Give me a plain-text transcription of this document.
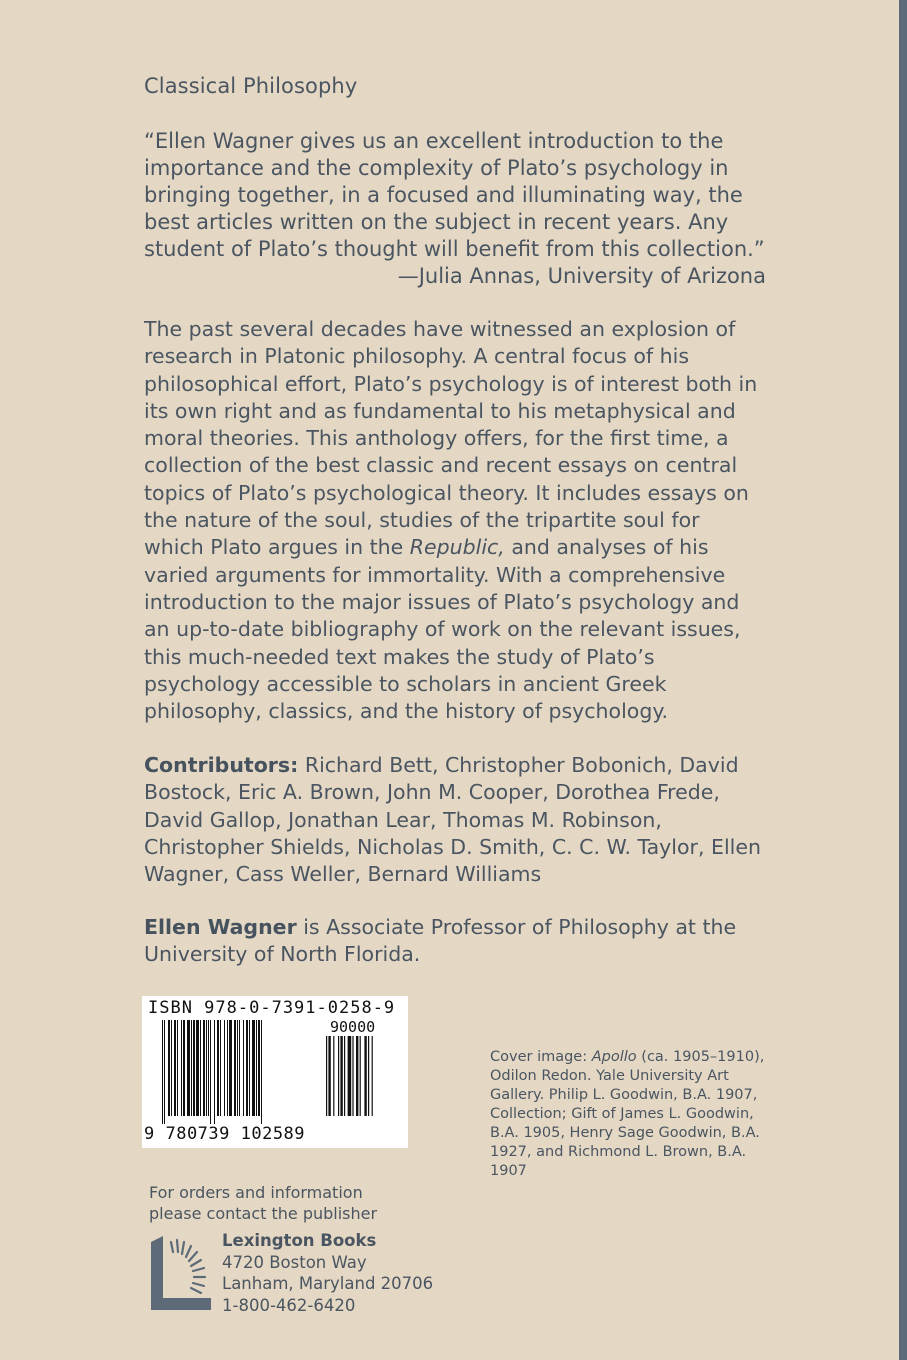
Classical Philosophy

“Ellen Wagner gives us an excellent introduction to the importance and the complexity of Plato’s psychology in bringing together, in a focused and illuminating way, the best articles written on the subject in recent years. Any student of Plato’s thought will benefit from this collection.”

—Julia Annas, University of Arizona

The past several decades have witnessed an explosion of research in Platonic philosophy. A central focus of his philosophical effort, Plato’s psychology is of interest both in its own right and as fundamental to his metaphysical and moral theories. This anthology offers, for the first time, a collection of the best classic and recent essays on central topics of Plato’s psychological theory. It includes essays on the nature of the soul, studies of the tripartite soul for which Plato argues in the Republic, and analyses of his varied arguments for immortality. With a comprehensive introduction to the major issues of Plato’s psychology and an up-to-date bibliography of work on the relevant issues, this much-needed text makes the study of Plato’s psychology accessible to scholars in ancient Greek philosophy, classics, and the history of psychology.
Contributors: Richard Bett, Christopher Bobonich, David Bostock, Eric A. Brown, John M. Cooper, Dorothea Frede, David Gallop, Jonathan Lear, Thomas M. Robinson, Christopher Shields, Nicholas D. Smith, C. C. W. Taylor, Ellen Wagner, Cass Weller, Bernard Williams
Ellen Wagner is Associate Professor of Philosophy at the University of North Florida.
ISBN 978-0-7391-0258-9
90000
9 780739 102589
Cover image: Apollo (ca. 1905–1910), Odilon Redon. Yale University Art Gallery. Philip L. Goodwin, B.A. 1907, Collection; Gift of James L. Goodwin, B.A. 1905, Henry Sage Goodwin, B.A. 1927, and Richmond L. Brown, B.A. 1907
For orders and information
please contact the publisher
Lexington Books
4720 Boston Way
Lanham, Maryland 20706
1-800-462-6420
